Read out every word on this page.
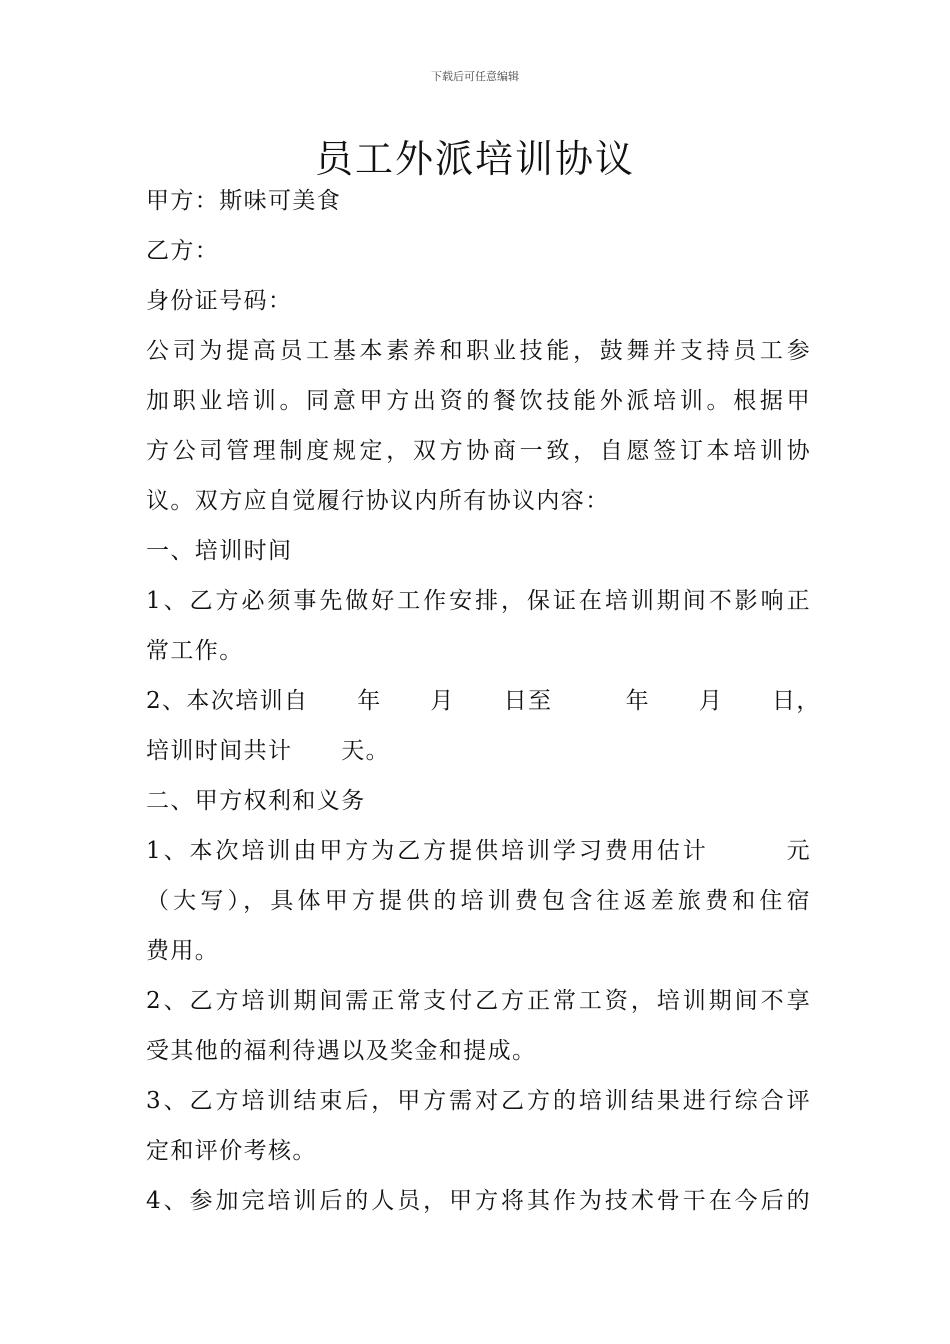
下载后可任意编辑
员工外派培训协议
甲方：斯味可美食
乙方：
身份证号码：
公司为提高员工基本素养和职业技能，鼓舞并支持员工参
加职业培训。同意甲方出资的餐饮技能外派培训。根据甲
方公司管理制度规定，双方协商一致，自愿签订本培训协
议。双方应自觉履行协议内所有协议内容：
一、培训时间
1、乙方必须事先做好工作安排，保证在培训期间不影响正
常工作。
2、本次培训自　　年　　月　　日至　　　年　　月　　日，
培训时间共计　　天。
二、甲方权利和义务
1、本次培训由甲方为乙方提供培训学习费用估计　　　元
（大写），具体甲方提供的培训费包含往返差旅费和住宿
费用。
2、乙方培训期间需正常支付乙方正常工资，培训期间不享
受其他的福利待遇以及奖金和提成。
3、乙方培训结束后，甲方需对乙方的培训结果进行综合评
定和评价考核。
4、参加完培训后的人员，甲方将其作为技术骨干在今后的
